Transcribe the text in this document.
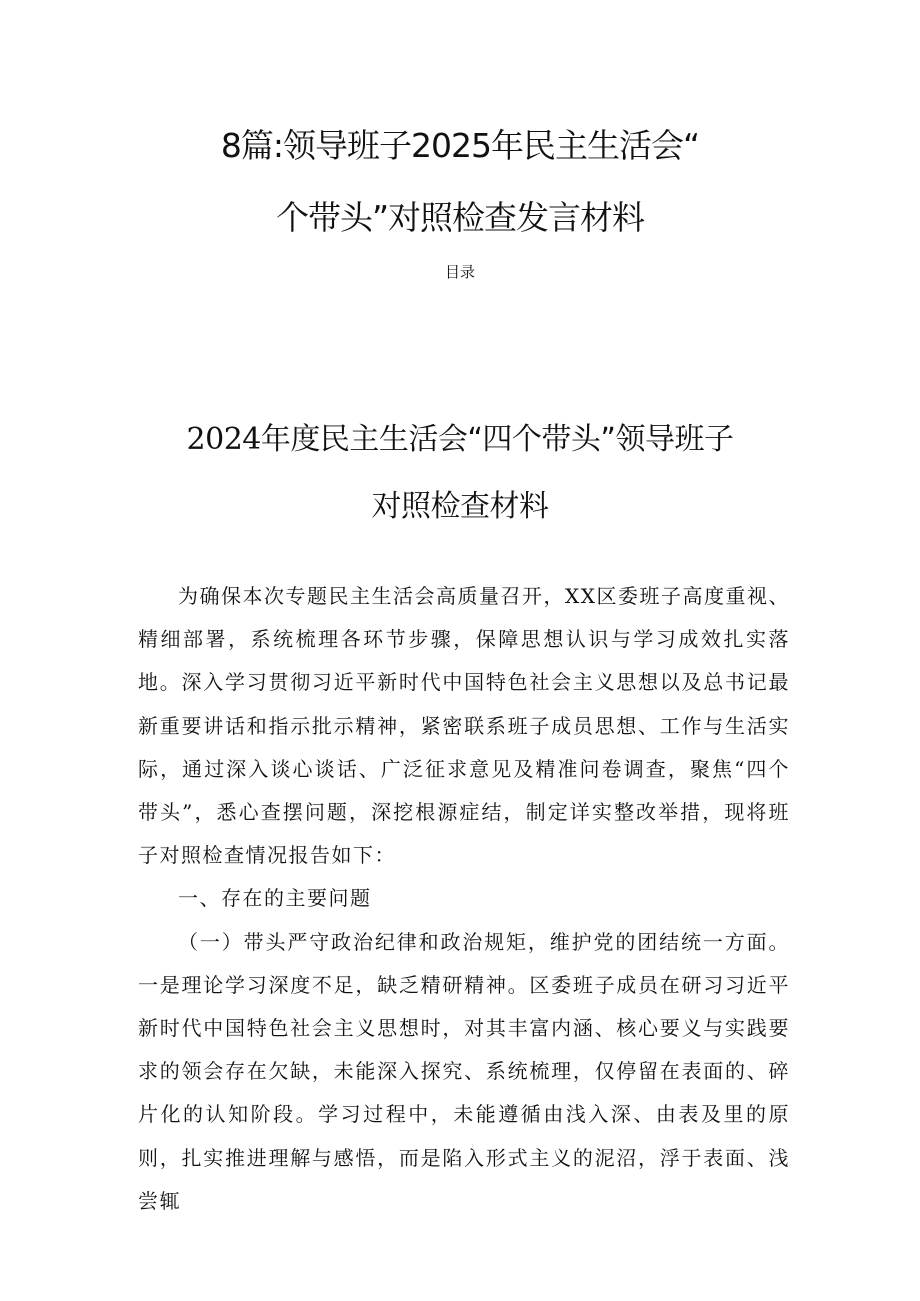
8篇:领导班子2025年民主生活会“
个带头”对照检查发言材料
目录
2024年度民主生活会“四个带头”领导班子
对照检查材料

为确保本次专题民主生活会高质量召开，XX区委班子高度重视、精细部署，系统梳理各环节步骤，保障思想认识与学习成效扎实落地。深入学习贯彻习近平新时代中国特色社会主义思想以及总书记最新重要讲话和指示批示精神，紧密联系班子成员思想、工作与生活实际，通过深入谈心谈话、广泛征求意见及精准问卷调查，聚焦“四个带头”，悉心查摆问题，深挖根源症结，制定详实整改举措，现将班子对照检查情况报告如下：

一、存在的主要问题

（一）带头严守政治纪律和政治规矩，维护党的团结统一方面。一是理论学习深度不足，缺乏精研精神。区委班子成员在研习习近平新时代中国特色社会主义思想时，对其丰富内涵、核心要义与实践要求的领会存在欠缺，未能深入探究、系统梳理，仅停留在表面的、碎片化的认知阶段。学习过程中，未能遵循由浅入深、由表及里的原则，扎实推进理解与感悟，而是陷入形式主义的泥沼，浮于表面、浅尝辄
